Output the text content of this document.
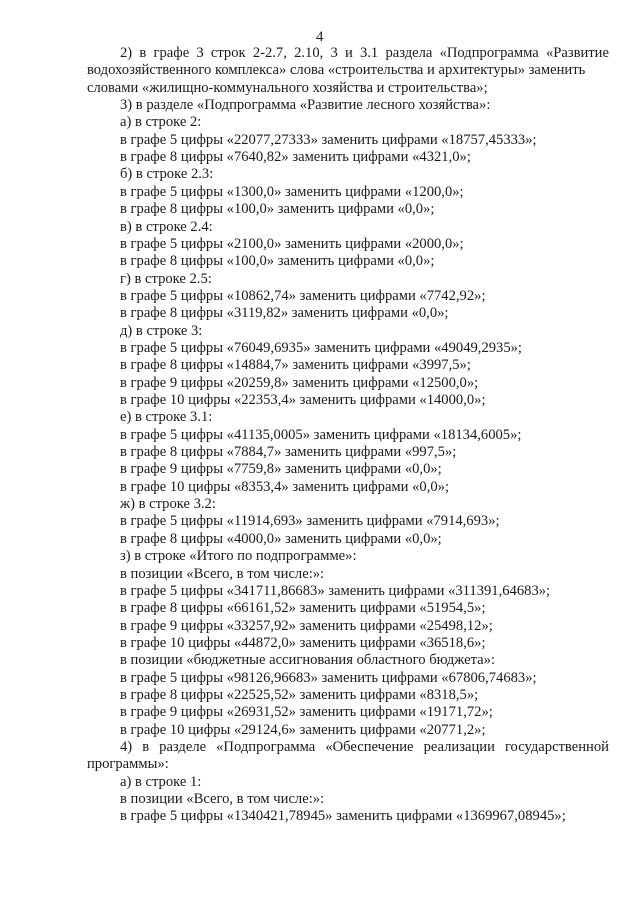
4
2) в графе 3 строк 2-2.7, 2.10, 3 и 3.1 раздела «Подпрограмма «Развитие
водохозяйственного комплекса» слова «строительства и архитектуры» заменить
словами «жилищно-коммунального хозяйства и строительства»;
3) в разделе «Подпрограмма «Развитие лесного хозяйства»:
а) в строке 2:
в графе 5 цифры «22077,27333» заменить цифрами «18757,45333»;
в графе 8 цифры «7640,82» заменить цифрами «4321,0»;
б) в строке 2.3:
в графе 5 цифры «1300,0» заменить цифрами «1200,0»;
в графе 8 цифры «100,0» заменить цифрами «0,0»;
в) в строке 2.4:
в графе 5 цифры «2100,0» заменить цифрами «2000,0»;
в графе 8 цифры «100,0» заменить цифрами «0,0»;
г) в строке 2.5:
в графе 5 цифры «10862,74» заменить цифрами «7742,92»;
в графе 8 цифры «3119,82» заменить цифрами «0,0»;
д) в строке 3:
в графе 5 цифры «76049,6935» заменить цифрами «49049,2935»;
в графе 8 цифры «14884,7» заменить цифрами «3997,5»;
в графе 9 цифры «20259,8» заменить цифрами «12500,0»;
в графе 10 цифры «22353,4» заменить цифрами «14000,0»;
е) в строке 3.1:
в графе 5 цифры «41135,0005» заменить цифрами «18134,6005»;
в графе 8 цифры «7884,7» заменить цифрами «997,5»;
в графе 9 цифры «7759,8» заменить цифрами «0,0»;
в графе 10 цифры «8353,4» заменить цифрами «0,0»;
ж) в строке 3.2:
в графе 5 цифры «11914,693» заменить цифрами «7914,693»;
в графе 8 цифры «4000,0» заменить цифрами «0,0»;
з) в строке «Итого по подпрограмме»:
в позиции «Всего, в том числе:»:
в графе 5 цифры «341711,86683» заменить цифрами «311391,64683»;
в графе 8 цифры «66161,52» заменить цифрами «51954,5»;
в графе 9 цифры «33257,92» заменить цифрами «25498,12»;
в графе 10 цифры «44872,0» заменить цифрами «36518,6»;
в позиции «бюджетные ассигнования областного бюджета»:
в графе 5 цифры «98126,96683» заменить цифрами «67806,74683»;
в графе 8 цифры «22525,52» заменить цифрами «8318,5»;
в графе 9 цифры «26931,52» заменить цифрами «19171,72»;
в графе 10 цифры «29124,6» заменить цифрами «20771,2»;
4) в разделе «Подпрограмма «Обеспечение реализации государственной
программы»:
а) в строке 1:
в позиции «Всего, в том числе:»:
в графе 5 цифры «1340421,78945» заменить цифрами «1369967,08945»;
